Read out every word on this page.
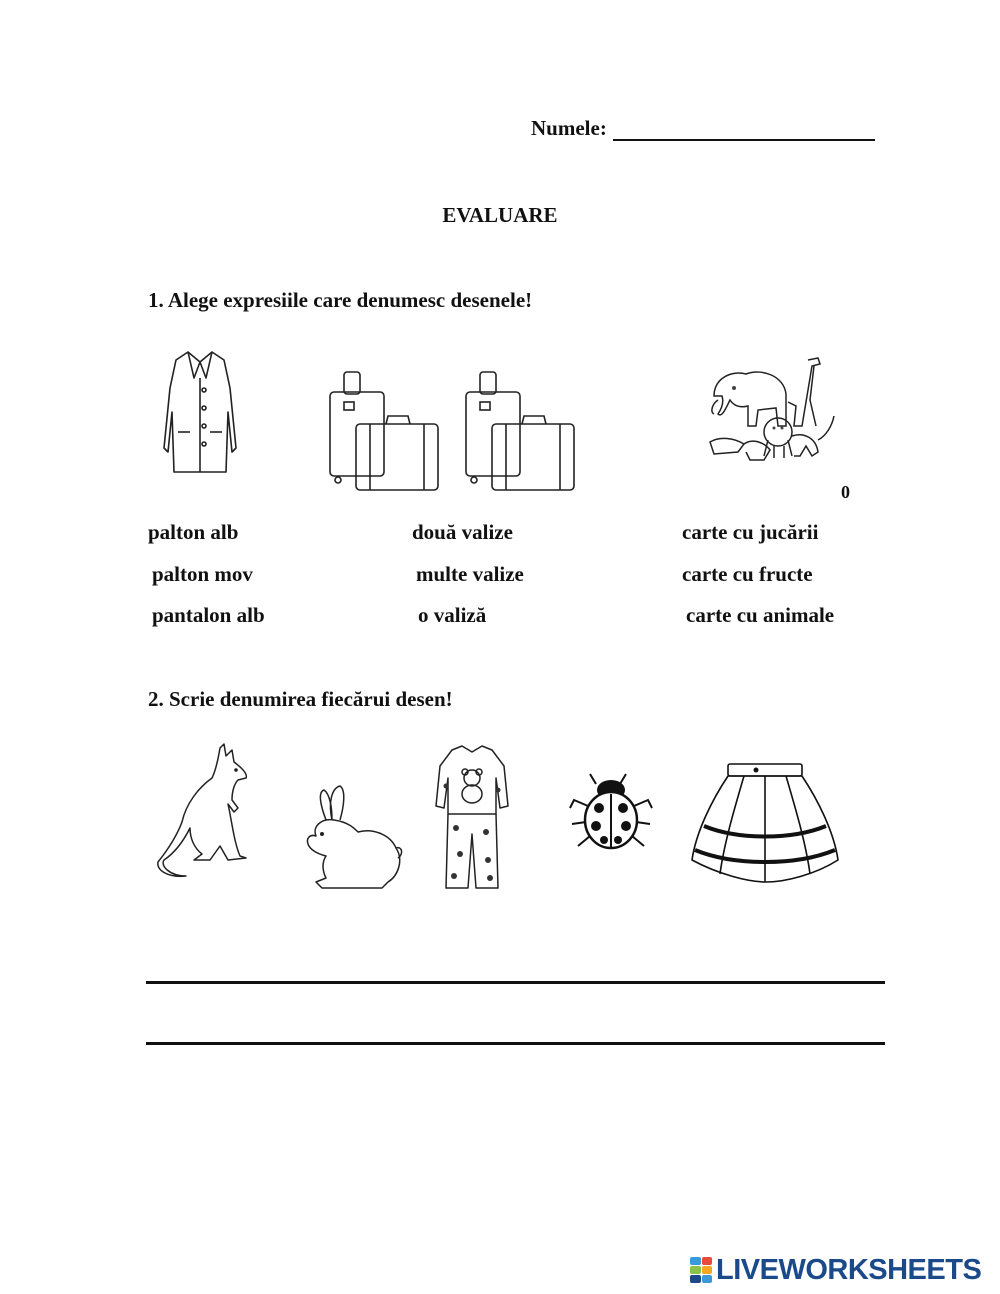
Numele:
EVALUARE
1. Alege expresiile care denumesc desenele!
0
palton alb
palton mov
pantalon alb
două valize
multe valize
o valiză
carte cu jucării
carte cu fructe
carte cu animale
2. Scrie denumirea fiecărui desen!
LIVEWORKSHEETS
